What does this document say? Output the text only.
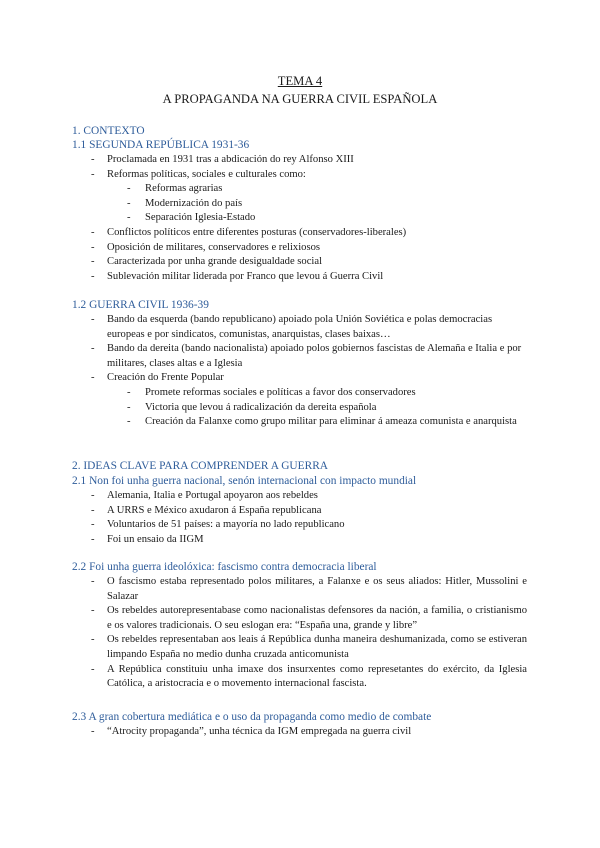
TEMA 4
A PROPAGANDA NA GUERRA CIVIL ESPAÑOLA
1. CONTEXTO
1.1 SEGUNDA REPÚBLICA 1931-36
- Proclamada en 1931 tras a abdicación do rey Alfonso XIII
- Reformas políticas, sociales e culturales como:
- Reformas agrarias
- Modernización do país
- Separación Iglesia-Estado
- Conflictos políticos entre diferentes posturas (conservadores-liberales)
- Oposición de militares, conservadores e relixiosos
- Caracterizada por unha grande desigualdade social
- Sublevación militar liderada por Franco que levou á Guerra Civil
1.2 GUERRA CIVIL 1936-39
- Bando da esquerda (bando republicano) apoiado pola Unión Soviética e polas democracias europeas e por sindicatos, comunistas, anarquistas, clases baixas…
- Bando da dereita (bando nacionalista) apoiado polos gobiernos fascistas de Alemaña e Italia e por militares, clases altas e a Iglesia
- Creación do Frente Popular
- Promete reformas sociales e políticas a favor dos conservadores
- Victoria que levou á radicalización da dereita española
- Creación da Falanxe como grupo militar para eliminar á ameaza comunista e anarquista
2. IDEAS CLAVE PARA COMPRENDER A GUERRA
2.1 Non foi unha guerra nacional, senón internacional con impacto mundial
- Alemania, Italia e Portugal apoyaron aos rebeldes
- A URRS e México axudaron á España republicana
- Voluntarios de 51 países: a mayoría no lado republicano
- Foi un ensaio da IIGM
2.2 Foi unha guerra ideolóxica: fascismo contra democracia liberal
- O fascismo estaba representado polos militares, a Falanxe e os seus aliados: Hitler, Mussolini e Salazar
- Os rebeldes autorepresentabase como nacionalistas defensores da nación, a familia, o cristianismo e os valores tradicionais. O seu eslogan era: “España una, grande y libre”
- Os rebeldes representaban aos leais á República dunha maneira deshumanizada, como se estiveran limpando España no medio dunha cruzada anticomunista
- A República constituiu unha imaxe dos insurxentes como represetantes do exército, da Iglesia Católica, a aristocracia e o movemento internacional fascista.
2.3 A gran cobertura mediática e o uso da propaganda como medio de combate
- “Atrocity propaganda”, unha técnica da IGM empregada na guerra civil
